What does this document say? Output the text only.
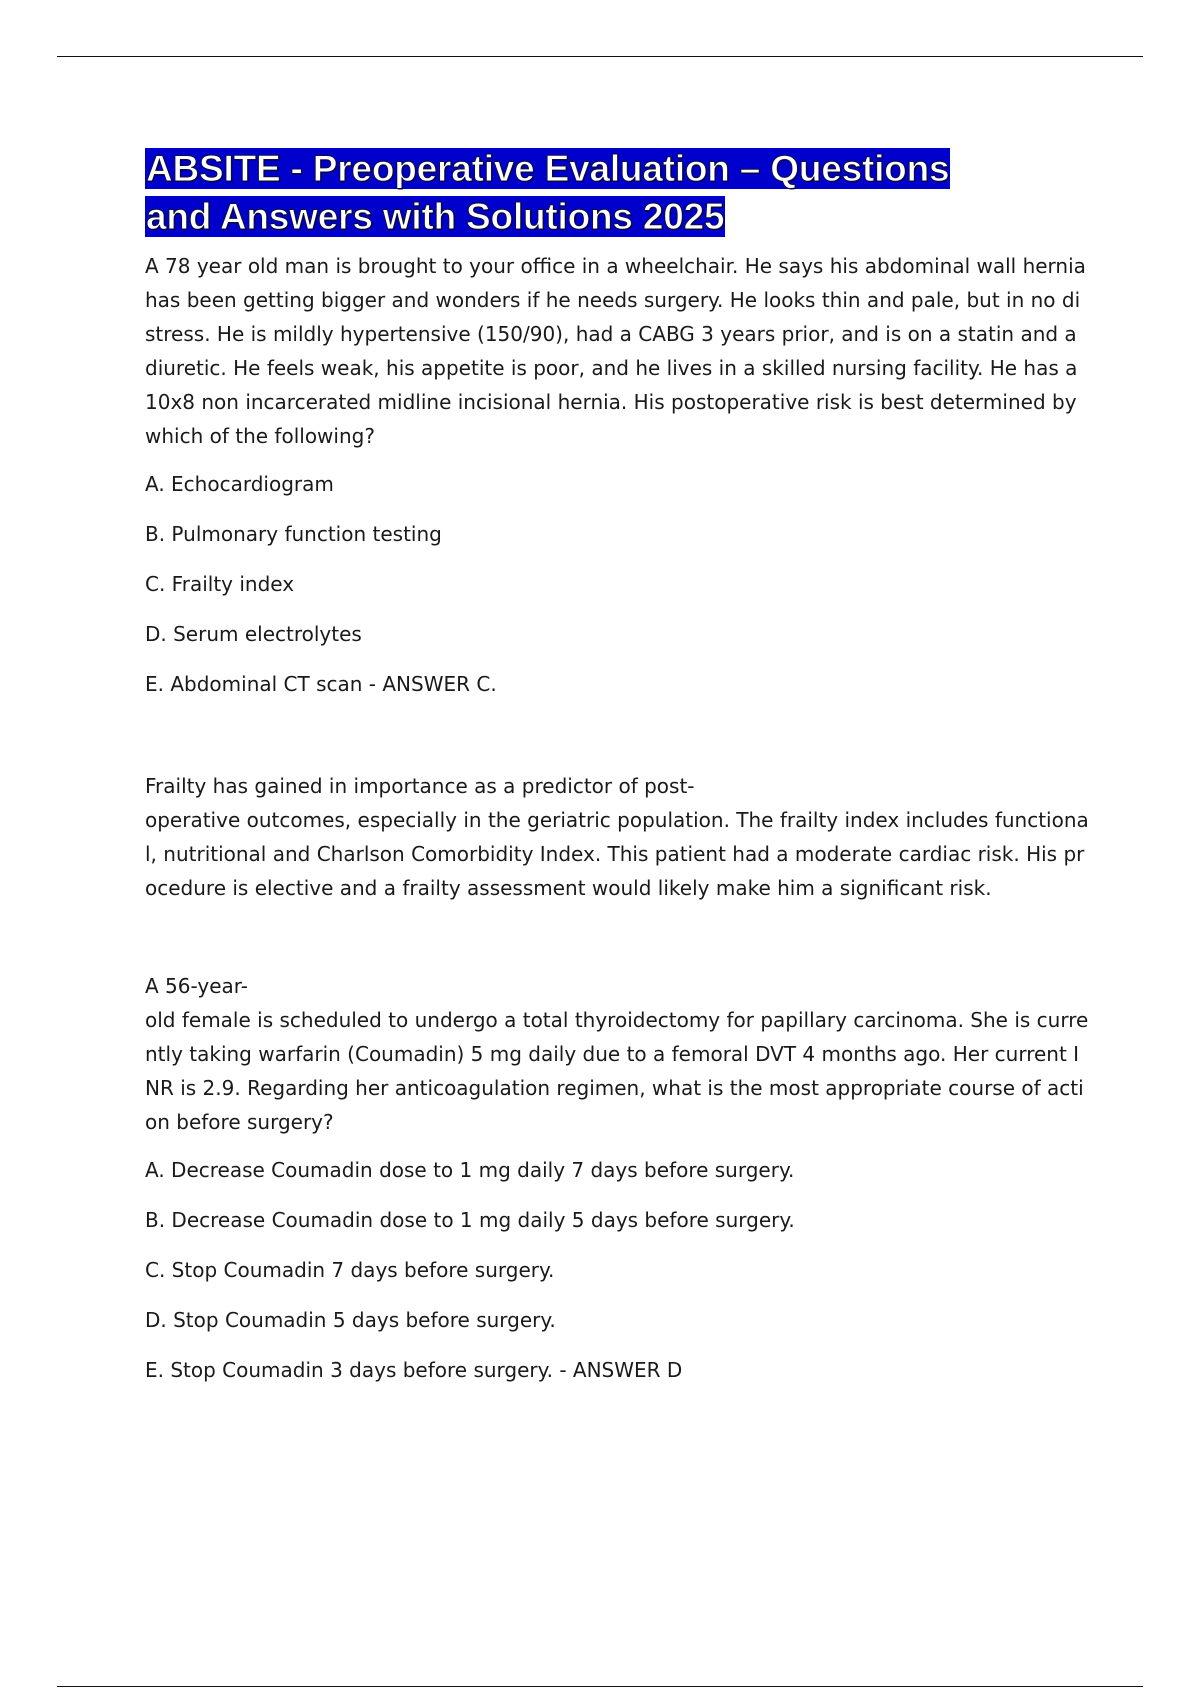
ABSITE - Preoperative Evaluation – Questions
and Answers with Solutions 2025

A 78 year old man is brought to your office in a wheelchair. He says his abdominal wall hernia has been getting bigger and wonders if he needs surgery. He looks thin and pale, but in no distress. He is mildly hypertensive (150/90), had a CABG 3 years prior, and is on a statin and a diuretic. He feels weak, his appetite is poor, and he lives in a skilled nursing facility. He has a 10x8 non incarcerated midline incisional hernia. His postoperative risk is best determined by which of the following?

A. Echocardiogram

B. Pulmonary function testing

C. Frailty index

D. Serum electrolytes

E. Abdominal CT scan - ANSWER C.

Frailty has gained in importance as a predictor of post-

operative outcomes, especially in the geriatric population. The frailty index includes functional, nutritional and Charlson Comorbidity Index. This patient had a moderate cardiac risk. His procedure is elective and a frailty assessment would likely make him a significant risk.

A 56-year-

old female is scheduled to undergo a total thyroidectomy for papillary carcinoma. She is currently taking warfarin (Coumadin) 5 mg daily due to a femoral DVT 4 months ago. Her current INR is 2.9. Regarding her anticoagulation regimen, what is the most appropriate course of action before surgery?

A. Decrease Coumadin dose to 1 mg daily 7 days before surgery.

B. Decrease Coumadin dose to 1 mg daily 5 days before surgery.

C. Stop Coumadin 7 days before surgery.

D. Stop Coumadin 5 days before surgery.

E. Stop Coumadin 3 days before surgery. - ANSWER D
